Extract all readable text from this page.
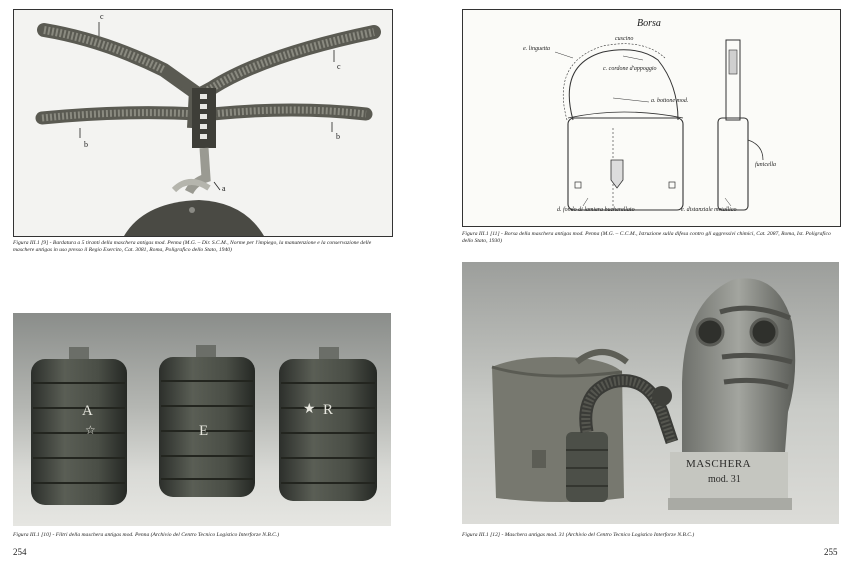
c
c
b
b
a
Figura III.1 [9] - Bardatura a 5 tiranti della maschera antigas mod. Penna (M.G. – Dir. S.C.M., Norme per l'impiego, la manutenzione e la conservazione delle maschere antigas in uso presso il Regio Esercito, Cat. 3081, Roma, Poligrafico dello Stato, 1940)
A
☆	E
★ R
Figura III.1 [10] - Filtri della maschera antigas mod. Penna (Archivio del Centro Tecnico Logistico Interforze N.B.C.)
254
Borsa
e. linguetta
cuscino
c. cordone d'appoggio
a. bottone mod.
funicella
d. fondo di lamiera bucherellato	e. distanziale metallico
Figura III.1 [11] - Borsa della maschera antigas mod. Penna (M.G. – C.C.M., Istruzione sulla difesa contro gli aggressivi chimici, Cat. 2087, Roma, Ist. Poligrafico dello Stato, 1930)
MASCHERA
mod. 31
Figura III.1 [12] - Maschera antigas mod. 31 (Archivio del Centro Tecnico Logistico Interforze N.B.C.)
255
